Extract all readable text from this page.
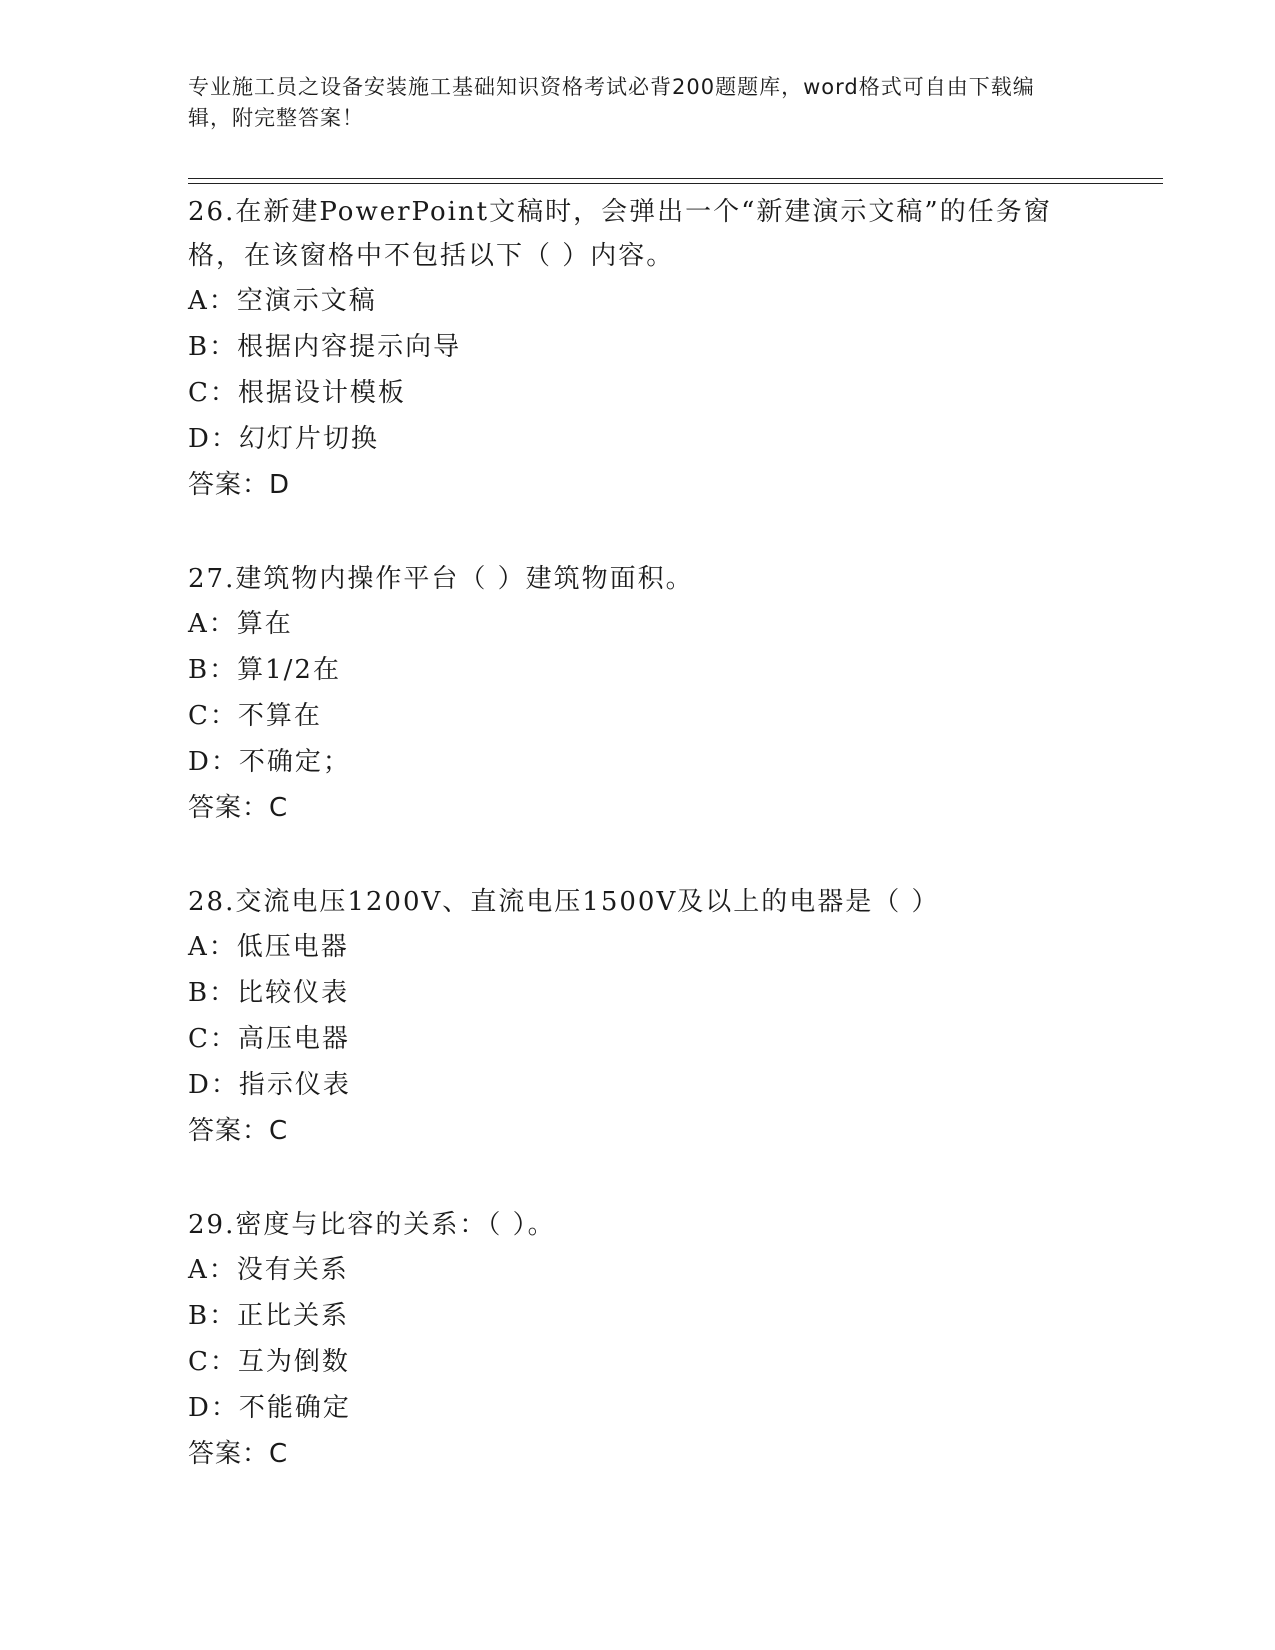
专业施工员之设备安装施工基础知识资格考试必背200题题库，word格式可自由下载编辑，附完整答案！

26.在新建PowerPoint文稿时，会弹出一个“新建演示文稿”的任务窗格，在该窗格中不包括以下（ ）内容。

A：空演示文稿

B：根据内容提示向导

C：根据设计模板

D：幻灯片切换

答案：D

27.建筑物内操作平台（ ）建筑物面积。

A：算在

B：算1/2在

C：不算在

D：不确定；

答案：C

28.交流电压1200V、直流电压1500V及以上的电器是（ ）

A：低压电器

B：比较仪表

C：高压电器

D：指示仪表

答案：C

29.密度与比容的关系：（ ）。

A：没有关系

B：正比关系

C：互为倒数

D：不能确定

答案：C
